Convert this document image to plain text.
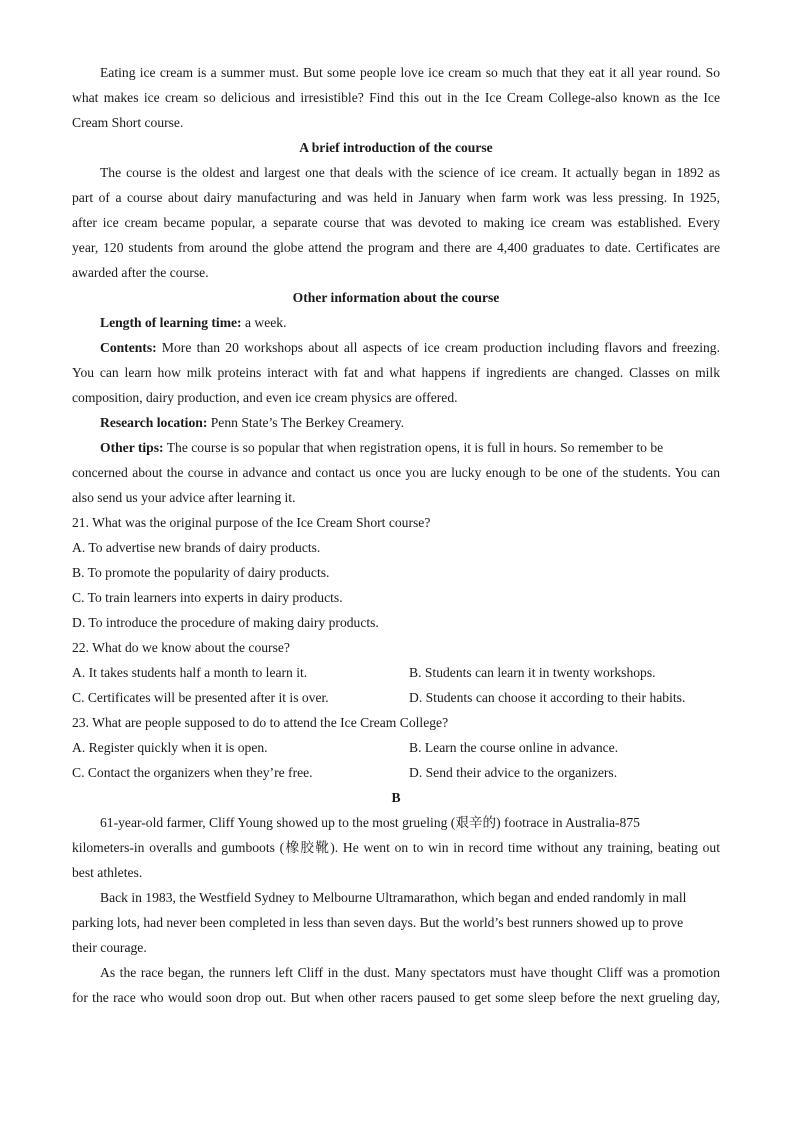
Eating ice cream is a summer must. But some people love ice cream so much that they eat it all year round. So
what makes ice cream so delicious and irresistible? Find this out in the Ice Cream College-also known as the Ice
Cream Short course.
A brief introduction of the course
The course is the oldest and largest one that deals with the science of ice cream. It actually began in 1892 as
part of a course about dairy manufacturing and was held in January when farm work was less pressing. In 1925,
after ice cream became popular, a separate course that was devoted to making ice cream was established. Every
year, 120 students from around the globe attend the program and there are 4,400 graduates to date. Certificates are
awarded after the course.
Other information about the course
Length of learning time: a week.
Contents: More than 20 workshops about all aspects of ice cream production including flavors and freezing.
You can learn how milk proteins interact with fat and what happens if ingredients are changed. Classes on milk
composition, dairy production, and even ice cream physics are offered.
Research location: Penn State’s The Berkey Creamery.
Other tips: The course is so popular that when registration opens, it is full in hours. So remember to be
concerned about the course in advance and contact us once you are lucky enough to be one of the students. You can
also send us your advice after learning it.
21. What was the original purpose of the Ice Cream Short course?
A. To advertise new brands of dairy products.
B. To promote the popularity of dairy products.
C. To train learners into experts in dairy products.
D. To introduce the procedure of making dairy products.
22. What do we know about the course?
A. It takes students half a month to learn it.	B. Students can learn it in twenty workshops.
C. Certificates will be presented after it is over.	D. Students can choose it according to their habits.
23. What are people supposed to do to attend the Ice Cream College?
A. Register quickly when it is open.	B. Learn the course online in advance.
C. Contact the organizers when they’re free.	D. Send their advice to the organizers.
B
61-year-old farmer, Cliff Young showed up to the most grueling (艰辛的) footrace in Australia-875
kilometers-in overalls and gumboots (橡胶靴). He went on to win in record time without any training, beating out
best athletes.
Back in 1983, the Westfield Sydney to Melbourne Ultramarathon, which began and ended randomly in mall
parking lots, had never been completed in less than seven days. But the world’s best runners showed up to prove
their courage.
As the race began, the runners left Cliff in the dust. Many spectators must have thought Cliff was a promotion
for the race who would soon drop out. But when other racers paused to get some sleep before the next grueling day,
